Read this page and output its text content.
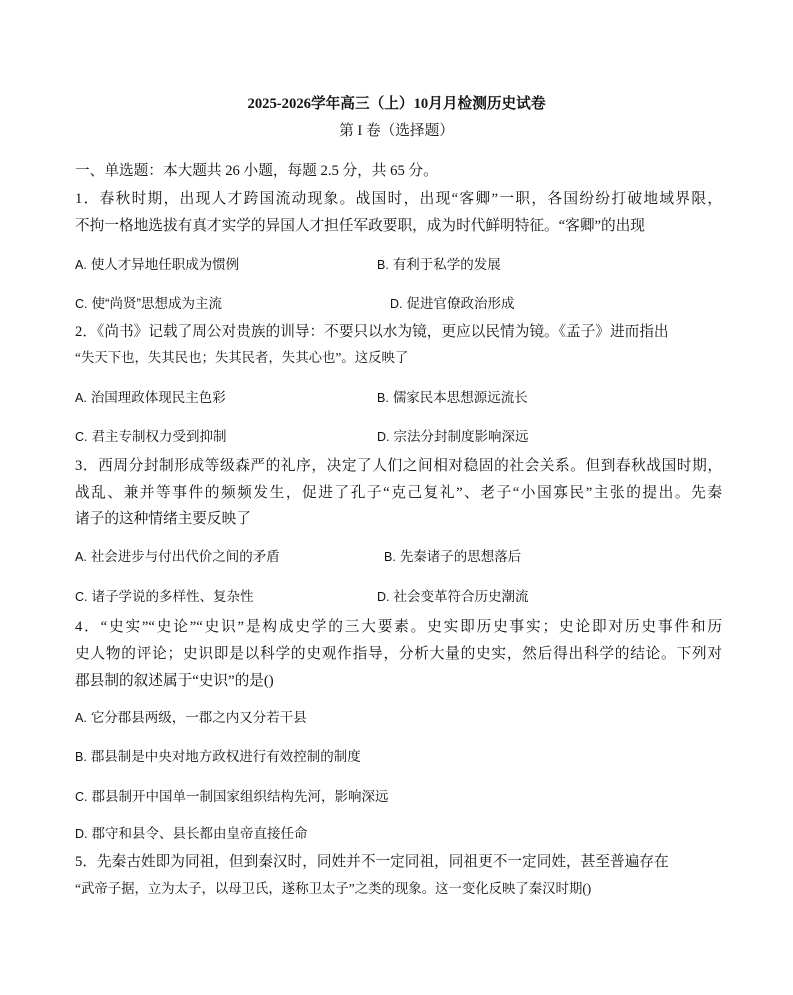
2025-2026学年高三（上）10月月检测历史试卷
第 I 卷（选择题）
一、单选题：本大题共 26 小题，每题 2.5 分，共 65 分。
1．春秋时期，出现人才跨国流动现象。战国时，出现“客卿”一职，各国纷纷打破地域界限，
不拘一格地选拔有真才实学的异国人才担任军政要职，成为时代鲜明特征。“客卿”的出现
A. 使人才异地任职成为惯例	B. 有利于私学的发展
C. 使“尚贤”思想成为主流	D. 促进官僚政治形成
2．《尚书》记载了周公对贵族的训导：不要只以水为镜，更应以民情为镜。《孟子》进而指出
“失天下也，失其民也；失其民者，失其心也”。这反映了
A. 治国理政体现民主色彩	B. 儒家民本思想源远流长
C. 君主专制权力受到抑制	D. 宗法分封制度影响深远
3．西周分封制形成等级森严的礼序，决定了人们之间相对稳固的社会关系。但到春秋战国时期，
战乱、兼并等事件的频频发生，促进了孔子“克己复礼”、老子“小国寡民”主张的提出。先秦
诸子的这种情绪主要反映了
A. 社会进步与付出代价之间的矛盾	B. 先秦诸子的思想落后
C. 诸子学说的多样性、复杂性	D. 社会变革符合历史潮流
4．“史实”“史论”“史识”是构成史学的三大要素。史实即历史事实；史论即对历史事件和历
史人物的评论；史识即是以科学的史观作指导，分析大量的史实，然后得出科学的结论。下列对
郡县制的叙述属于“史识”的是()
A. 它分郡县两级，一郡之内又分若干县
B. 郡县制是中央对地方政权进行有效控制的制度
C. 郡县制开中国单一制国家组织结构先河，影响深远
D. 郡守和县令、县长都由皇帝直接任命
5．先秦古姓即为同祖，但到秦汉时，同姓并不一定同祖，同祖更不一定同姓，甚至普遍存在
“武帝子据，立为太子，以母卫氏，遂称卫太子”之类的现象。这一变化反映了秦汉时期()
